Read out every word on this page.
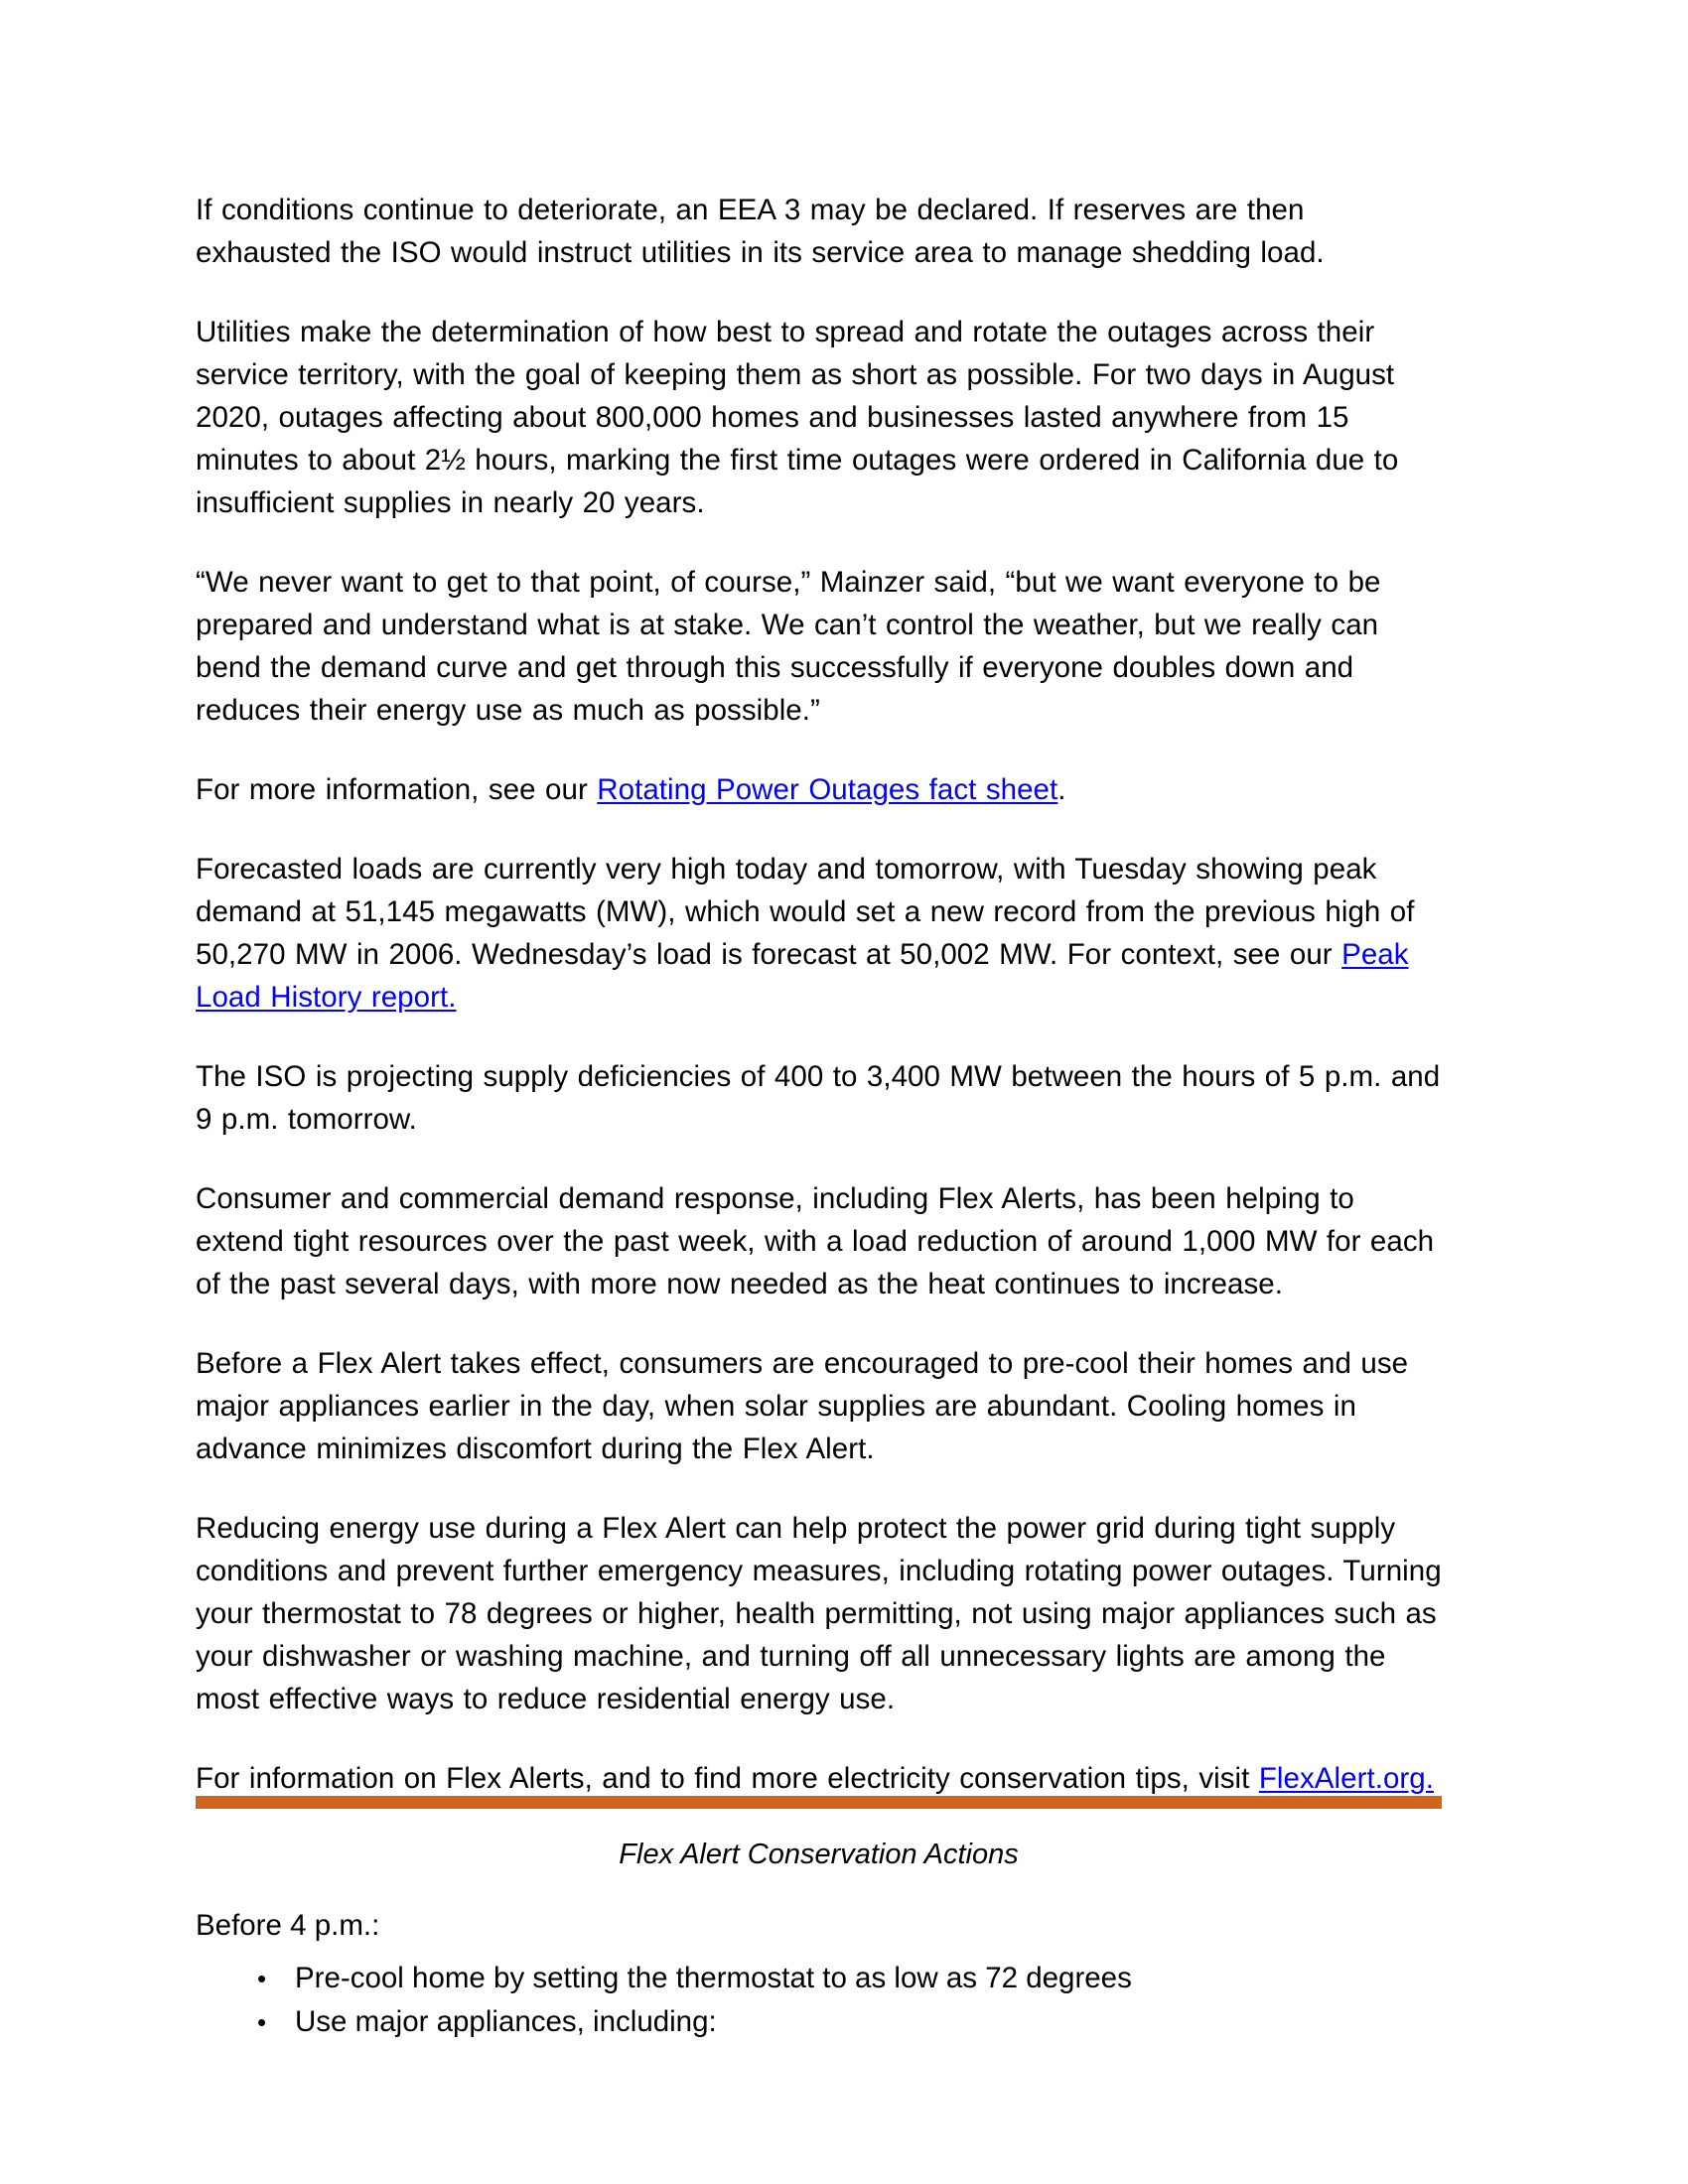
If conditions continue to deteriorate, an EEA 3 may be declared. If reserves are then exhausted the ISO would instruct utilities in its service area to manage shedding load.

Utilities make the determination of how best to spread and rotate the outages across their service territory, with the goal of keeping them as short as possible. For two days in August 2020, outages affecting about 800,000 homes and businesses lasted anywhere from 15 minutes to about 2½ hours, marking the first time outages were ordered in California due to insufficient supplies in nearly 20 years.

“We never want to get to that point, of course,” Mainzer said, “but we want everyone to be prepared and understand what is at stake. We can’t control the weather, but we really can bend the demand curve and get through this successfully if everyone doubles down and reduces their energy use as much as possible.”

For more information, see our Rotating Power Outages fact sheet.

Forecasted loads are currently very high today and tomorrow, with Tuesday showing peak demand at 51,145 megawatts (MW), which would set a new record from the previous high of 50,270 MW in 2006. Wednesday’s load is forecast at 50,002 MW. For context, see our Peak Load History report.

The ISO is projecting supply deficiencies of 400 to 3,400 MW between the hours of 5 p.m. and 9 p.m. tomorrow.

Consumer and commercial demand response, including Flex Alerts, has been helping to extend tight resources over the past week, with a load reduction of around 1,000 MW for each of the past several days, with more now needed as the heat continues to increase.

Before a Flex Alert takes effect, consumers are encouraged to pre-cool their homes and use major appliances earlier in the day, when solar supplies are abundant. Cooling homes in advance minimizes discomfort during the Flex Alert.

Reducing energy use during a Flex Alert can help protect the power grid during tight supply conditions and prevent further emergency measures, including rotating power outages. Turning your thermostat to 78 degrees or higher, health permitting, not using major appliances such as your dishwasher or washing machine, and turning off all unnecessary lights are among the most effective ways to reduce residential energy use.

For information on Flex Alerts, and to find more electricity conservation tips, visit FlexAlert.org.

Flex Alert Conservation Actions

Before 4 p.m.:

• Pre-cool home by setting the thermostat to as low as 72 degrees
• Use major appliances, including:
